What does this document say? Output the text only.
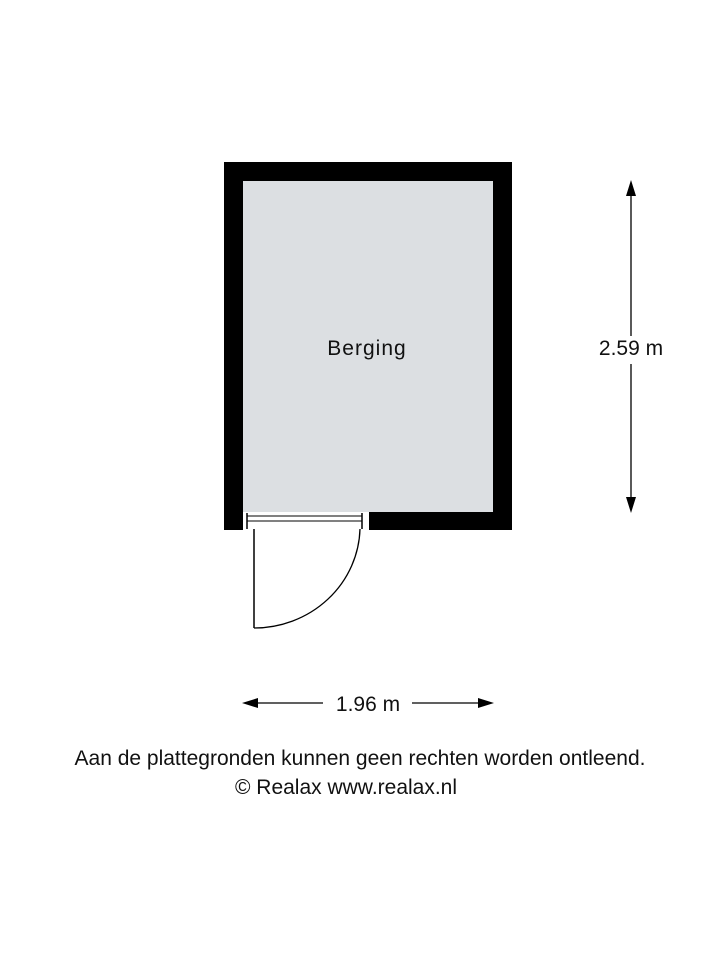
Berging	2.59 m
1.96 m
Aan de plattegronden kunnen geen rechten worden ontleend.
© Realax www.realax.nl
